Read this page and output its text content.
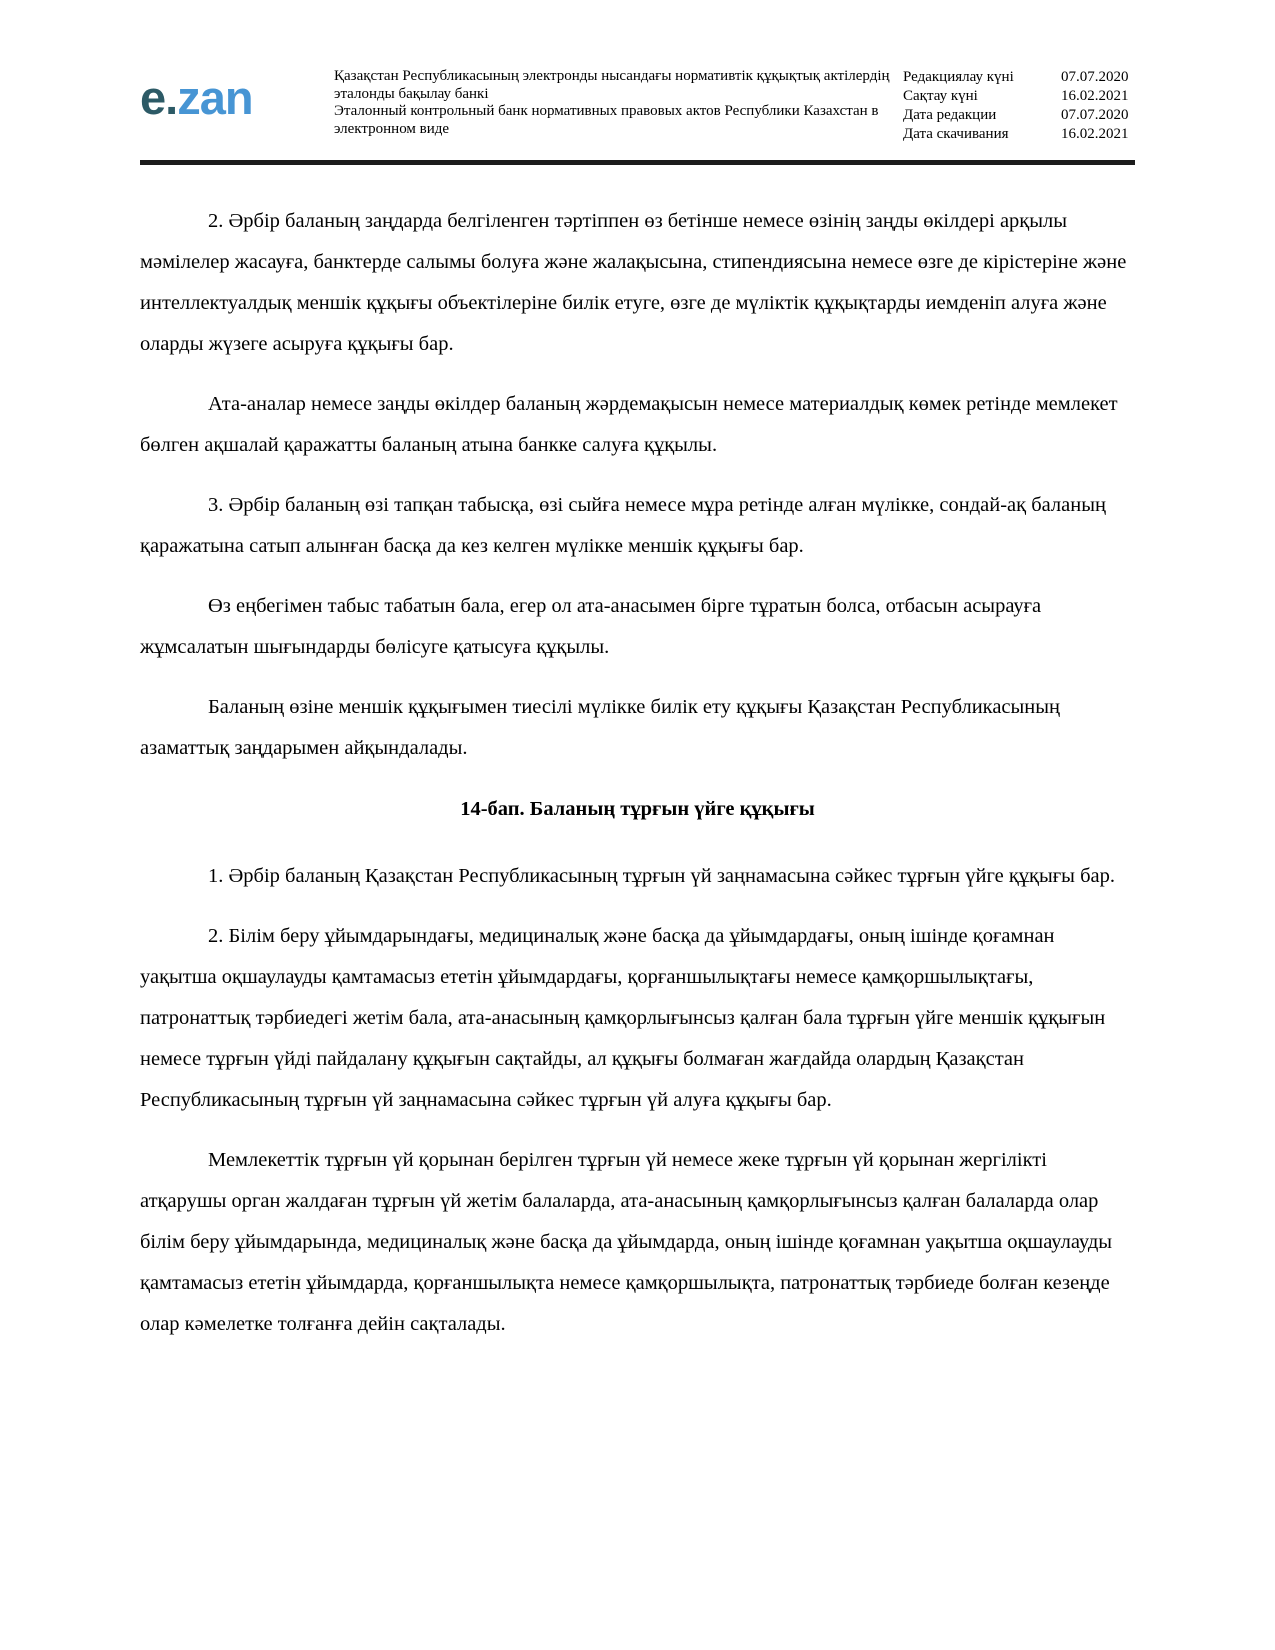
e.zan	Қазақстан Республикасының электронды нысандағы нормативтік құқықтық актілердің эталонды бақылау банкі
Эталонный контрольный банк нормативных правовых актов Республики Казахстан в электронном виде
Редакциялау күні	07.07.2020
Сақтау күні	16.02.2021
Дата редакции	07.07.2020
Дата скачивания	16.02.2021

2. Әрбір баланың заңдарда белгіленген тәртіппен өз бетінше немесе өзінің заңды өкілдері арқылы мәмілелер жасауға, банктерде салымы болуға және жалақысына, стипендиясына немесе өзге де кірістеріне және интеллектуалдық меншік құқығы объектілеріне билік етуге, өзге де мүліктік құқықтарды иемденіп алуға және оларды жүзеге асыруға құқығы бар.

Ата-аналар немесе заңды өкілдер баланың жәрдемақысын немесе материалдық көмек ретінде мемлекет бөлген ақшалай қаражатты баланың атына банкке салуға құқылы.

3. Әрбір баланың өзі тапқан табысқа, өзі сыйға немесе мұра ретінде алған мүлікке, сондай-ақ баланың қаражатына сатып алынған басқа да кез келген мүлікке меншік құқығы бар.

Өз еңбегімен табыс табатын бала, егер ол ата-анасымен бірге тұратын болса, отбасын асырауға жұмсалатын шығындарды бөлісуге қатысуға құқылы.

Баланың өзіне меншік құқығымен тиесілі мүлікке билік ету құқығы Қазақстан Республикасының азаматтық заңдарымен айқындалады.

14-бап. Баланың тұрғын үйге құқығы

1. Әрбір баланың Қазақстан Республикасының тұрғын үй заңнамасына сәйкес тұрғын үйге құқығы бар.

2. Білім беру ұйымдарындағы, медициналық және басқа да ұйымдардағы, оның ішінде қоғамнан уақытша оқшаулауды қамтамасыз ететін ұйымдардағы, қорғаншылықтағы немесе қамқоршылықтағы, патронаттық тәрбиедегі жетім бала, ата-анасының қамқорлығынсыз қалған бала тұрғын үйге меншік құқығын немесе тұрғын үйді пайдалану құқығын сақтайды, ал құқығы болмаған жағдайда олардың Қазақстан Республикасының тұрғын үй заңнамасына сәйкес тұрғын үй алуға құқығы бар.

Мемлекеттік тұрғын үй қорынан берілген тұрғын үй немесе жеке тұрғын үй қорынан жергілікті атқарушы орган жалдаған тұрғын үй жетім балаларда, ата-анасының қамқорлығынсыз қалған балаларда олар білім беру ұйымдарында, медициналық және басқа да ұйымдарда, оның ішінде қоғамнан уақытша оқшаулауды қамтамасыз ететін ұйымдарда, қорғаншылықта немесе қамқоршылықта, патронаттық тәрбиеде болған кезеңде олар кәмелетке толғанға дейін сақталады.
